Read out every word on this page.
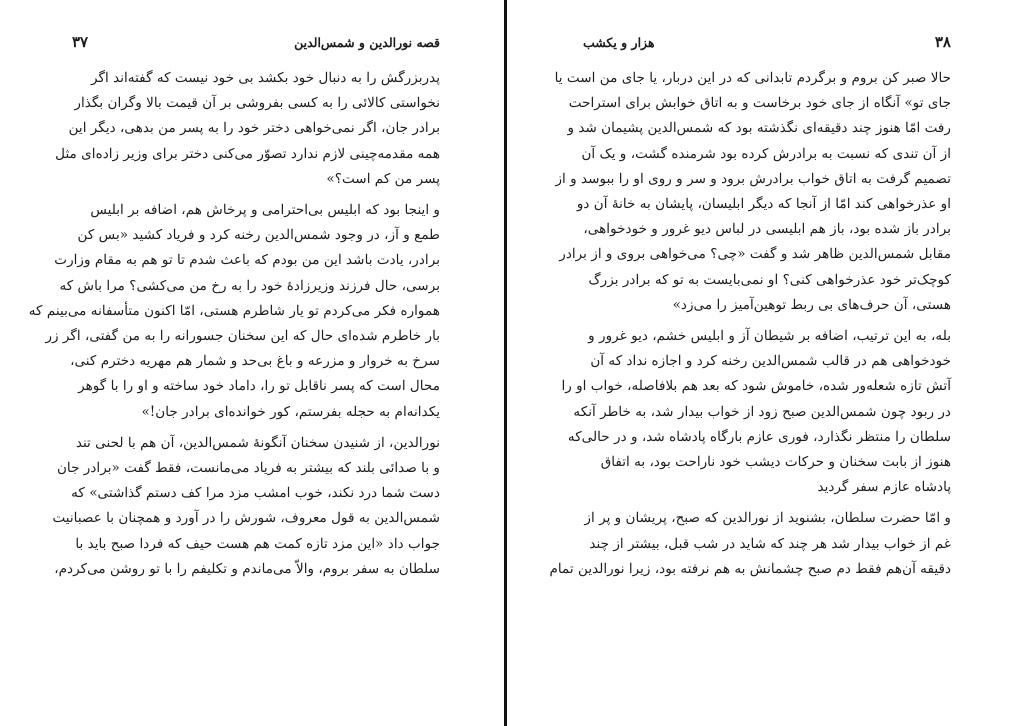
قصه نورالدین و شمس‌الدین
۳۷
پدربزرگش را به دنبال خود بکشد بی خود نیست که گفته‌اند اگر
نخواستی کالائی را به کسی بفروشی بر آن قیمت بالا وگران بگذار
برادر جان، اگر نمی‌خواهی دختر خود را به پسر من بدهی، دیگر این
همه مقدمه‌چینی لازم ندارد تصوّر می‌کنی دختر برای وزیر زاده‌ای مثل
پسر من کم است؟»
و اینجا بود که ابلیس بی‌احترامی و پرخاش هم، اضافه بر ابلیس
طمع و آز، در وجود شمس‌الدین رخنه کرد و فریاد کشید «بس کن
برادر، یادت باشد این من بودم که باعث شدم تا تو هم به مقام وزارت
برسی، حال فرزند وزیرزادهٔ خود را به رخ من می‌کشی؟ مرا باش که
همواره فکر می‌کردم تو یار شاطرم هستی، امّا اکنون متأسفانه می‌بینم که
بار خاطرم شده‌ای حال که این سخنان جسورانه را به من گفتی، اگر زر
سرخ به خروار و مزرعه و باغ بی‌حد و شمار هم مهریه دخترم کنی،
محال است که پسر ناقابل تو را، داماد خود ساخته و او را با گوهر
یکدانه‌ام به حجله بفرستم، کور خوانده‌ای برادر جان!»
نورالدین، از شنیدن سخنان آنگونهٔ شمس‌الدین، آن هم با لحنی تند
و با صدائی بلند که بیشتر به فریاد می‌مانست، فقط گفت «برادر جان
دست شما درد نکند، خوب امشب مزد مرا کف دستم گذاشتی» که
شمس‌الدین به قول معروف، شورش را در آورد و همچنان با عصبانیت
جواب داد «این مزد تازه کمت هم هست حیف که فردا صبح باید با
سلطان به سفر بروم، والاّ می‌ماندم و تکلیفم را با تو روشن می‌کردم،
۳۸
هزار و یکشب
حالا صبر کن بروم و برگردم تابدانی که در این دربار، یا جای من است یا
جای تو» آنگاه از جای خود برخاست و به اتاق خوابش برای استراحت
رفت امّا هنوز چند دقیقه‌ای نگذشته بود که شمس‌الدین پشیمان شد و
از آن تندی که نسبت به برادرش کرده بود شرمنده گشت، و یک آن
تصمیم گرفت به اتاق خواب برادرش برود و سر و روی او را ببوسد و از
او عذرخواهی کند امّا از آنجا که دیگر ابلیسان، پایشان به خانهٔ آن دو
برادر باز شده بود، باز هم ابلیسی در لباس دیو غرور و خودخواهی،
مقابل شمس‌الدین ظاهر شد و گفت «چی؟ می‌خواهی بروی و از برادر
کوچک‌تر خود عذرخواهی کنی؟ او نمی‌بایست به تو که برادر بزرگ
هستی، آن حرف‌های بی ربط توهین‌آمیز را می‌زد»
بله، به این ترتیب، اضافه بر شیطان آز و ابلیس خشم، دیو غرور و
خودخواهی هم در قالب شمس‌الدین رخنه کرد و اجازه نداد که آن
آتش تازه شعله‌ور شده، خاموش شود که بعد هم بلافاصله، خواب او را
در ربود چون شمس‌الدین صبح زود از خواب بیدار شد، به خاطر آنکه
سلطان را منتظر نگذارد، فوری عازم بارگاه پادشاه شد، و در حالی‌که
هنوز از بابت سخنان و حرکات دیشب خود ناراحت بود، به اتفاق
پادشاه عازم سفر گردید
و امّا حضرت سلطان، بشنوید از نورالدین که صبح، پریشان و پر از
غم از خواب بیدار شد هر چند که شاید در شب قبل، بیشتر از چند
دقیقه آن‌هم فقط دم صبح چشمانش به هم نرفته بود، زیرا نورالدین تمام
